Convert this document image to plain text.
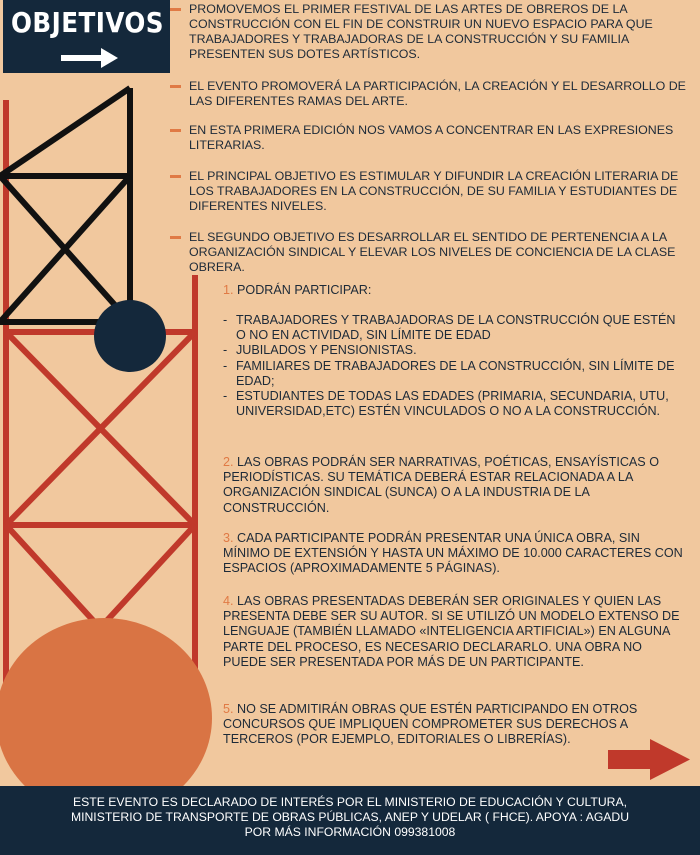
OBJETIVOS	PROMOVEMOS EL PRIMER FESTIVAL DE LAS ARTES DE OBREROS DE LA CONSTRUCCIÓN CON EL FIN DE CONSTRUIR UN NUEVO ESPACIO PARA QUE TRABAJADORES Y TRABAJADORAS DE LA CONSTRUCCIÓN Y SU FAMILIA PRESENTEN SUS DOTES ARTÍSTICOS.
EL EVENTO PROMOVERÁ LA PARTICIPACIÓN, LA CREACIÓN Y EL DESARROLLO DE LAS DIFERENTES RAMAS DEL ARTE.
EN ESTA PRIMERA EDICIÓN NOS VAMOS A CONCENTRAR EN LAS EXPRESIONES LITERARIAS.
EL PRINCIPAL OBJETIVO ES ESTIMULAR Y DIFUNDIR LA CREACIÓN LITERARIA DE LOS TRABAJADORES EN LA CONSTRUCCIÓN, DE SU FAMILIA Y ESTUDIANTES DE DIFERENTES NIVELES.
EL SEGUNDO OBJETIVO ES DESARROLLAR EL SENTIDO DE PERTENENCIA A LA ORGANIZACIÓN SINDICAL Y ELEVAR LOS NIVELES DE CONCIENCIA DE LA CLASE OBRERA.

1. PODRÁN PARTICIPAR:

- TRABAJADORES Y TRABAJADORAS DE LA CONSTRUCCIÓN QUE ESTÉN O NO EN ACTIVIDAD, SIN LÍMITE DE EDAD
- JUBILADOS Y PENSIONISTAS.
- FAMILIARES DE TRABAJADORES DE LA CONSTRUCCIÓN, SIN LÍMITE DE EDAD;
- ESTUDIANTES DE TODAS LAS EDADES (PRIMARIA, SECUNDARIA, UTU, UNIVERSIDAD,ETC) ESTÉN VINCULADOS O NO A LA CONSTRUCCIÓN.

2. LAS OBRAS PODRÁN SER NARRATIVAS, POÉTICAS, ENSAYÍSTICAS O PERIODÍSTICAS. SU TEMÁTICA DEBERÁ ESTAR RELACIONADA A LA ORGANIZACIÓN SINDICAL (SUNCA) O A LA INDUSTRIA DE LA CONSTRUCCIÓN.

3. CADA PARTICIPANTE PODRÁN PRESENTAR UNA ÚNICA OBRA, SIN MÍNIMO DE EXTENSIÓN Y HASTA UN MÁXIMO DE 10.000 CARACTERES CON ESPACIOS (APROXIMADAMENTE 5 PÁGINAS).

4. LAS OBRAS PRESENTADAS DEBERÁN SER ORIGINALES Y QUIEN LAS PRESENTA DEBE SER SU AUTOR. SI SE UTILIZÓ UN MODELO EXTENSO DE LENGUAJE (TAMBIÉN LLAMADO «INTELIGENCIA ARTIFICIAL») EN ALGUNA PARTE DEL PROCESO, ES NECESARIO DECLARARLO. UNA OBRA NO PUEDE SER PRESENTADA POR MÁS DE UN PARTICIPANTE.

5. NO SE ADMITIRÁN OBRAS QUE ESTÉN PARTICIPANDO EN OTROS CONCURSOS QUE IMPLIQUEN COMPROMETER SUS DERECHOS A TERCEROS (POR EJEMPLO, EDITORIALES O LIBRERÍAS).

ESTE EVENTO ES DECLARADO DE INTERÉS POR EL MINISTERIO DE EDUCACIÓN Y CULTURA,
MINISTERIO DE TRANSPORTE DE OBRAS PÚBLICAS, ANEP Y UDELAR ( FHCE). APOYA : AGADU
POR MÁS INFORMACIÓN 099381008
